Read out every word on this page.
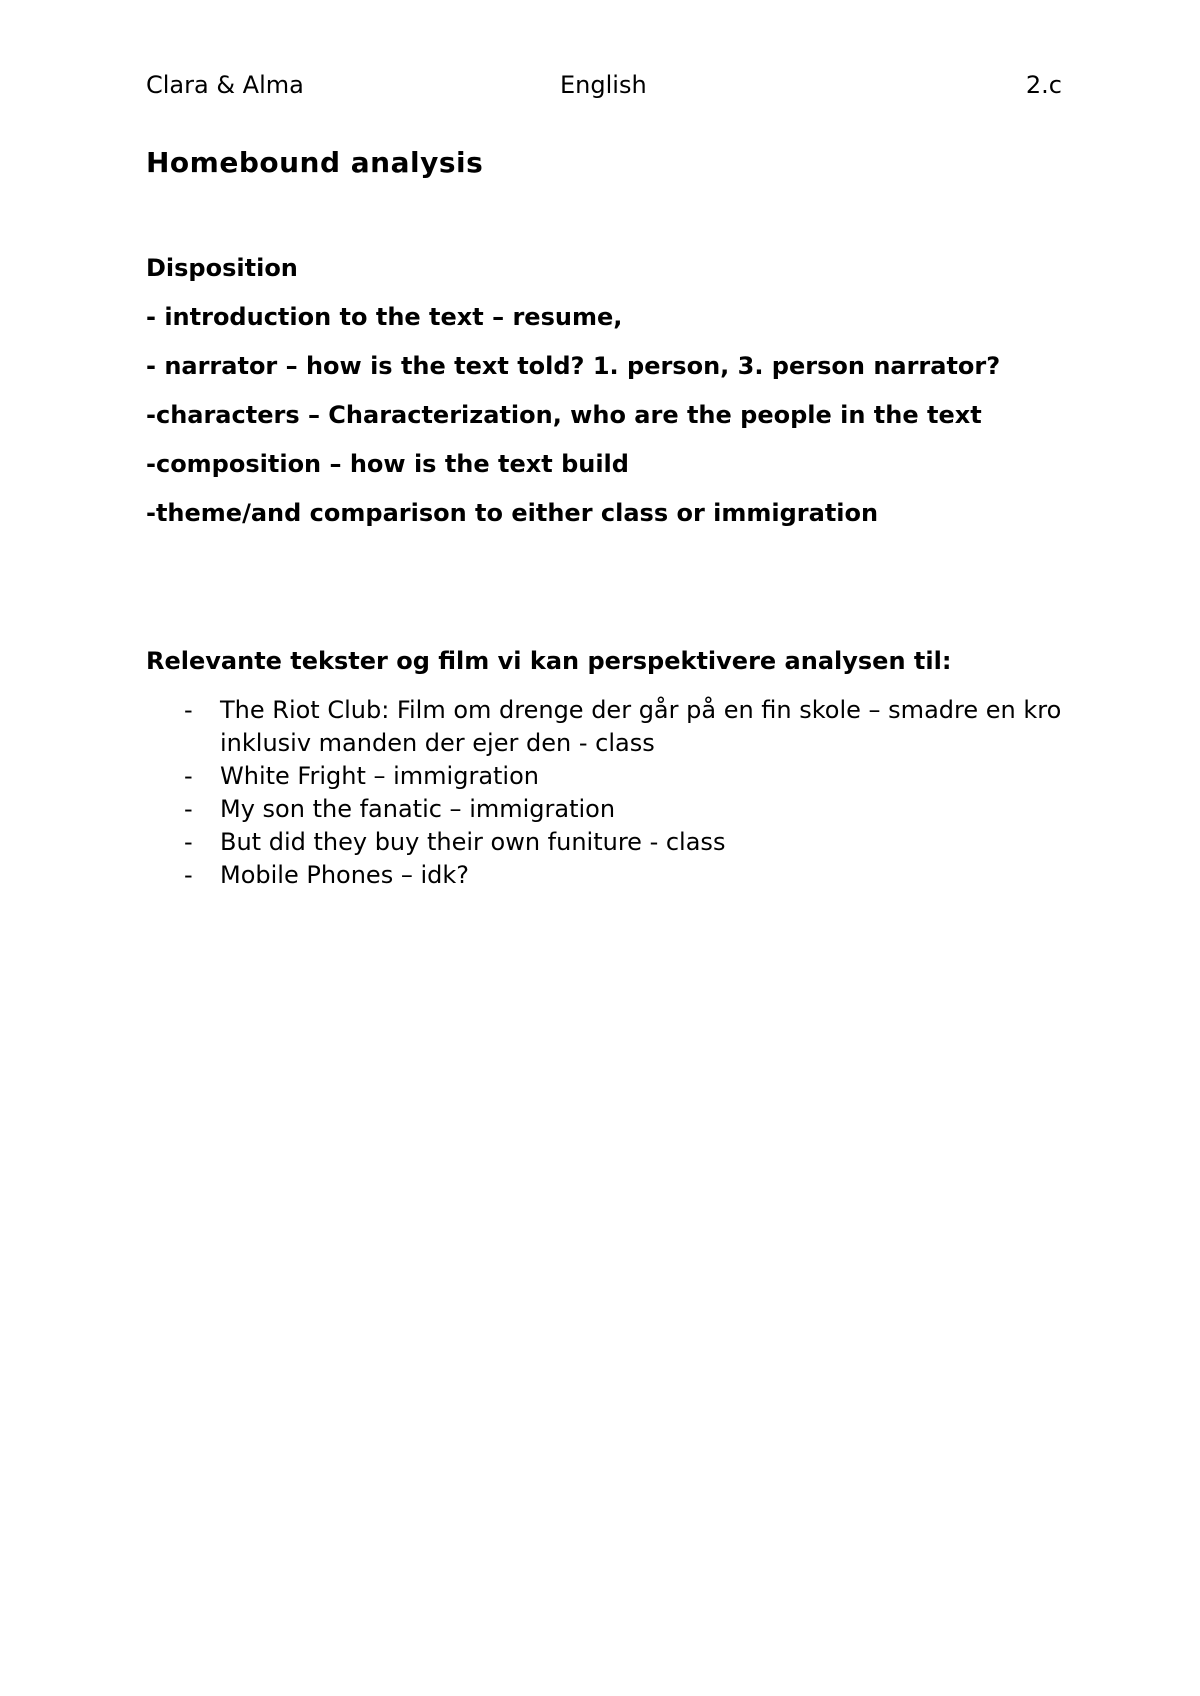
Clara & Alma	English	2.c
Homebound analysis
Disposition
- introduction to the text – resume,
- narrator – how is the text told? 1. person, 3. person narrator?
-characters – Characterization, who are the people in the text
-composition – how is the text build
-theme/and comparison to either class or immigration
Relevante tekster og film vi kan perspektivere analysen til:
- The Riot Club: Film om drenge der går på en fin skole – smadre en kro inklusiv manden der ejer den - class
- White Fright – immigration
- My son the fanatic – immigration
- But did they buy their own funiture - class
- Mobile Phones – idk?
